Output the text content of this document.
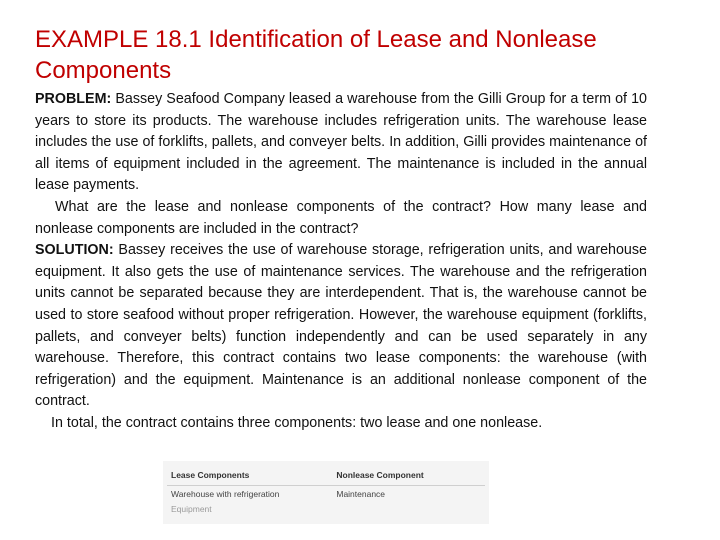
EXAMPLE 18.1 Identification of Lease and Nonlease Components

PROBLEM: Bassey Seafood Company leased a warehouse from the Gilli Group for a term of 10 years to store its products. The warehouse includes refrigeration units. The warehouse lease includes the use of forklifts, pallets, and conveyer belts. In addition, Gilli provides maintenance of all items of equipment included in the agreement. The maintenance is included in the annual lease payments.

What are the lease and nonlease components of the contract? How many lease and nonlease components are included in the contract?

SOLUTION: Bassey receives the use of warehouse storage, refrigeration units, and warehouse equipment. It also gets the use of maintenance services. The warehouse and the refrigeration units cannot be separated because they are interdependent. That is, the warehouse cannot be used to store seafood without proper refrigeration. However, the warehouse equipment (forklifts, pallets, and conveyer belts) function independently and can be used separately in any warehouse. Therefore, this contract contains two lease components: the warehouse (with refrigeration) and the equipment. Maintenance is an additional nonlease component of the contract.

In total, the contract contains three components: two lease and one nonlease.

Lease Components	Nonlease Component
Warehouse with refrigeration	Maintenance
Equipment	
